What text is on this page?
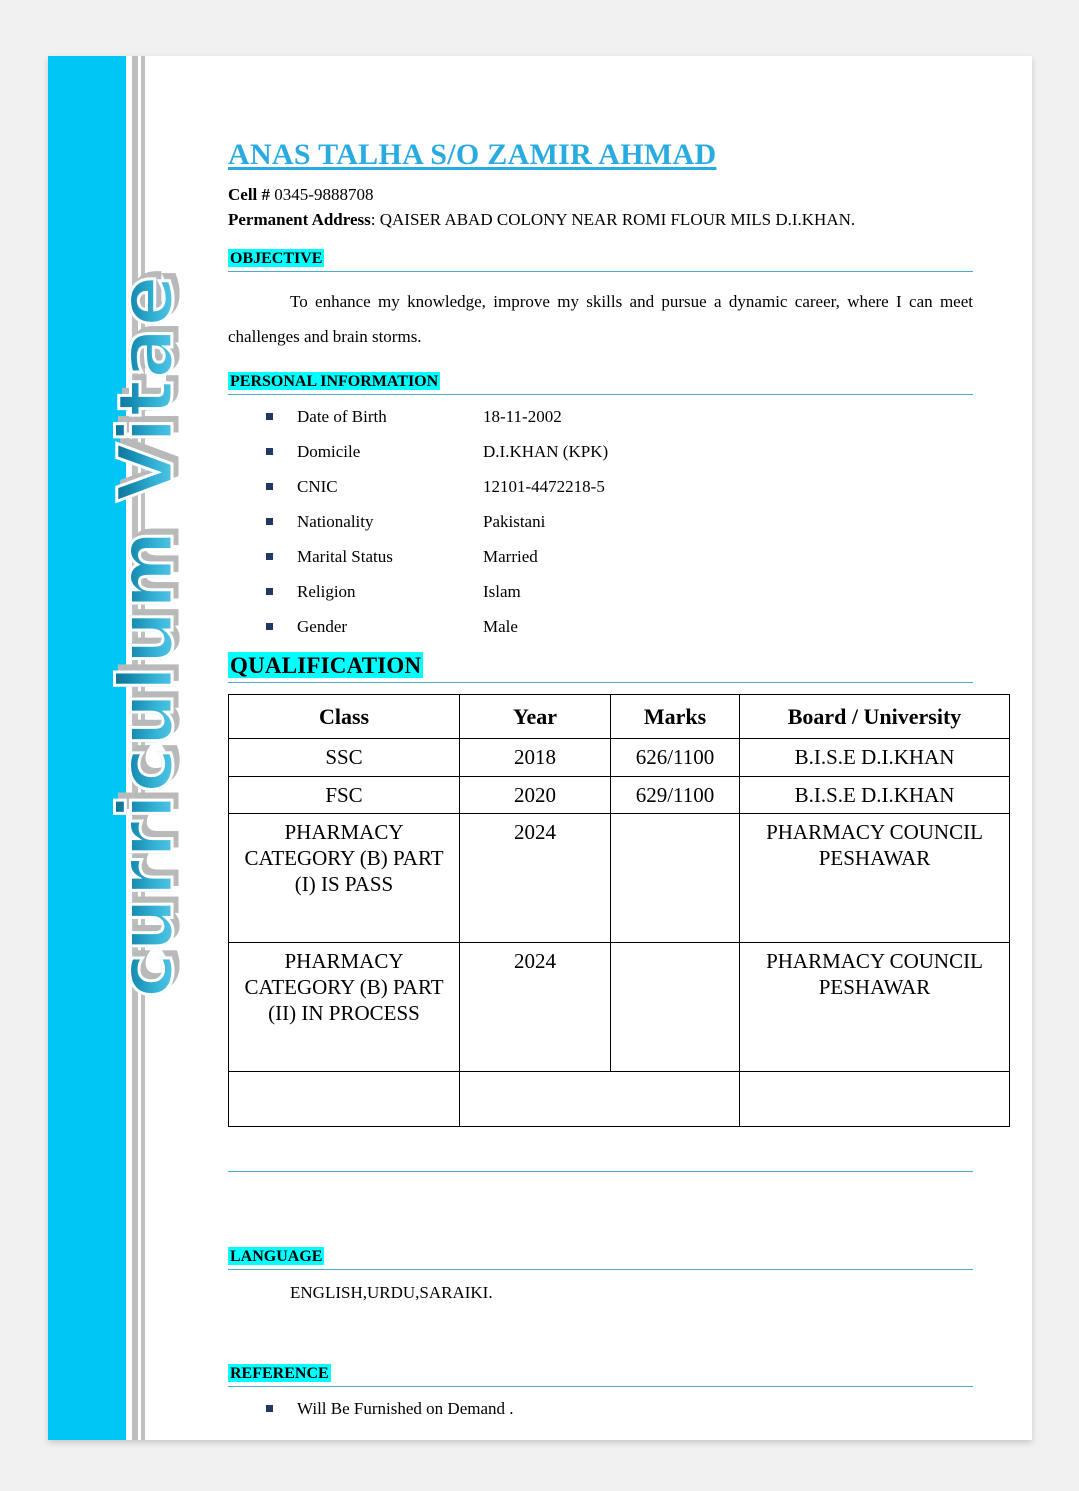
curriculum Vitae
ANAS TALHA S/O ZAMIR AHMAD

Cell # 0345-9888708

Permanent Address: QAISER ABAD COLONY NEAR ROMI FLOUR MILS D.I.KHAN.

OBJECTIVE

To enhance my knowledge, improve my skills and pursue a dynamic career, where I can meet challenges and brain storms.

PERSONAL INFORMATION
Date of Birth	18-11-2002
Domicile	D.I.KHAN (KPK)
CNIC	12101-4472218-5
Nationality	Pakistani
Marital Status	Married
Religion	Islam
Gender	Male
QUALIFICATION
Class	Year	Marks	Board / University
SSC	2018	626/1100	B.I.S.E D.I.KHAN
FSC	2020	629/1100	B.I.S.E D.I.KHAN
PHARMACY CATEGORY (B) PART (I) IS PASS	2024		PHARMACY COUNCIL PESHAWAR
PHARMACY CATEGORY (B) PART (II) IN PROCESS	2024		PHARMACY COUNCIL PESHAWAR

LANGUAGE

ENGLISH,URDU,SARAIKI.

REFERENCE
Will Be Furnished on Demand .
